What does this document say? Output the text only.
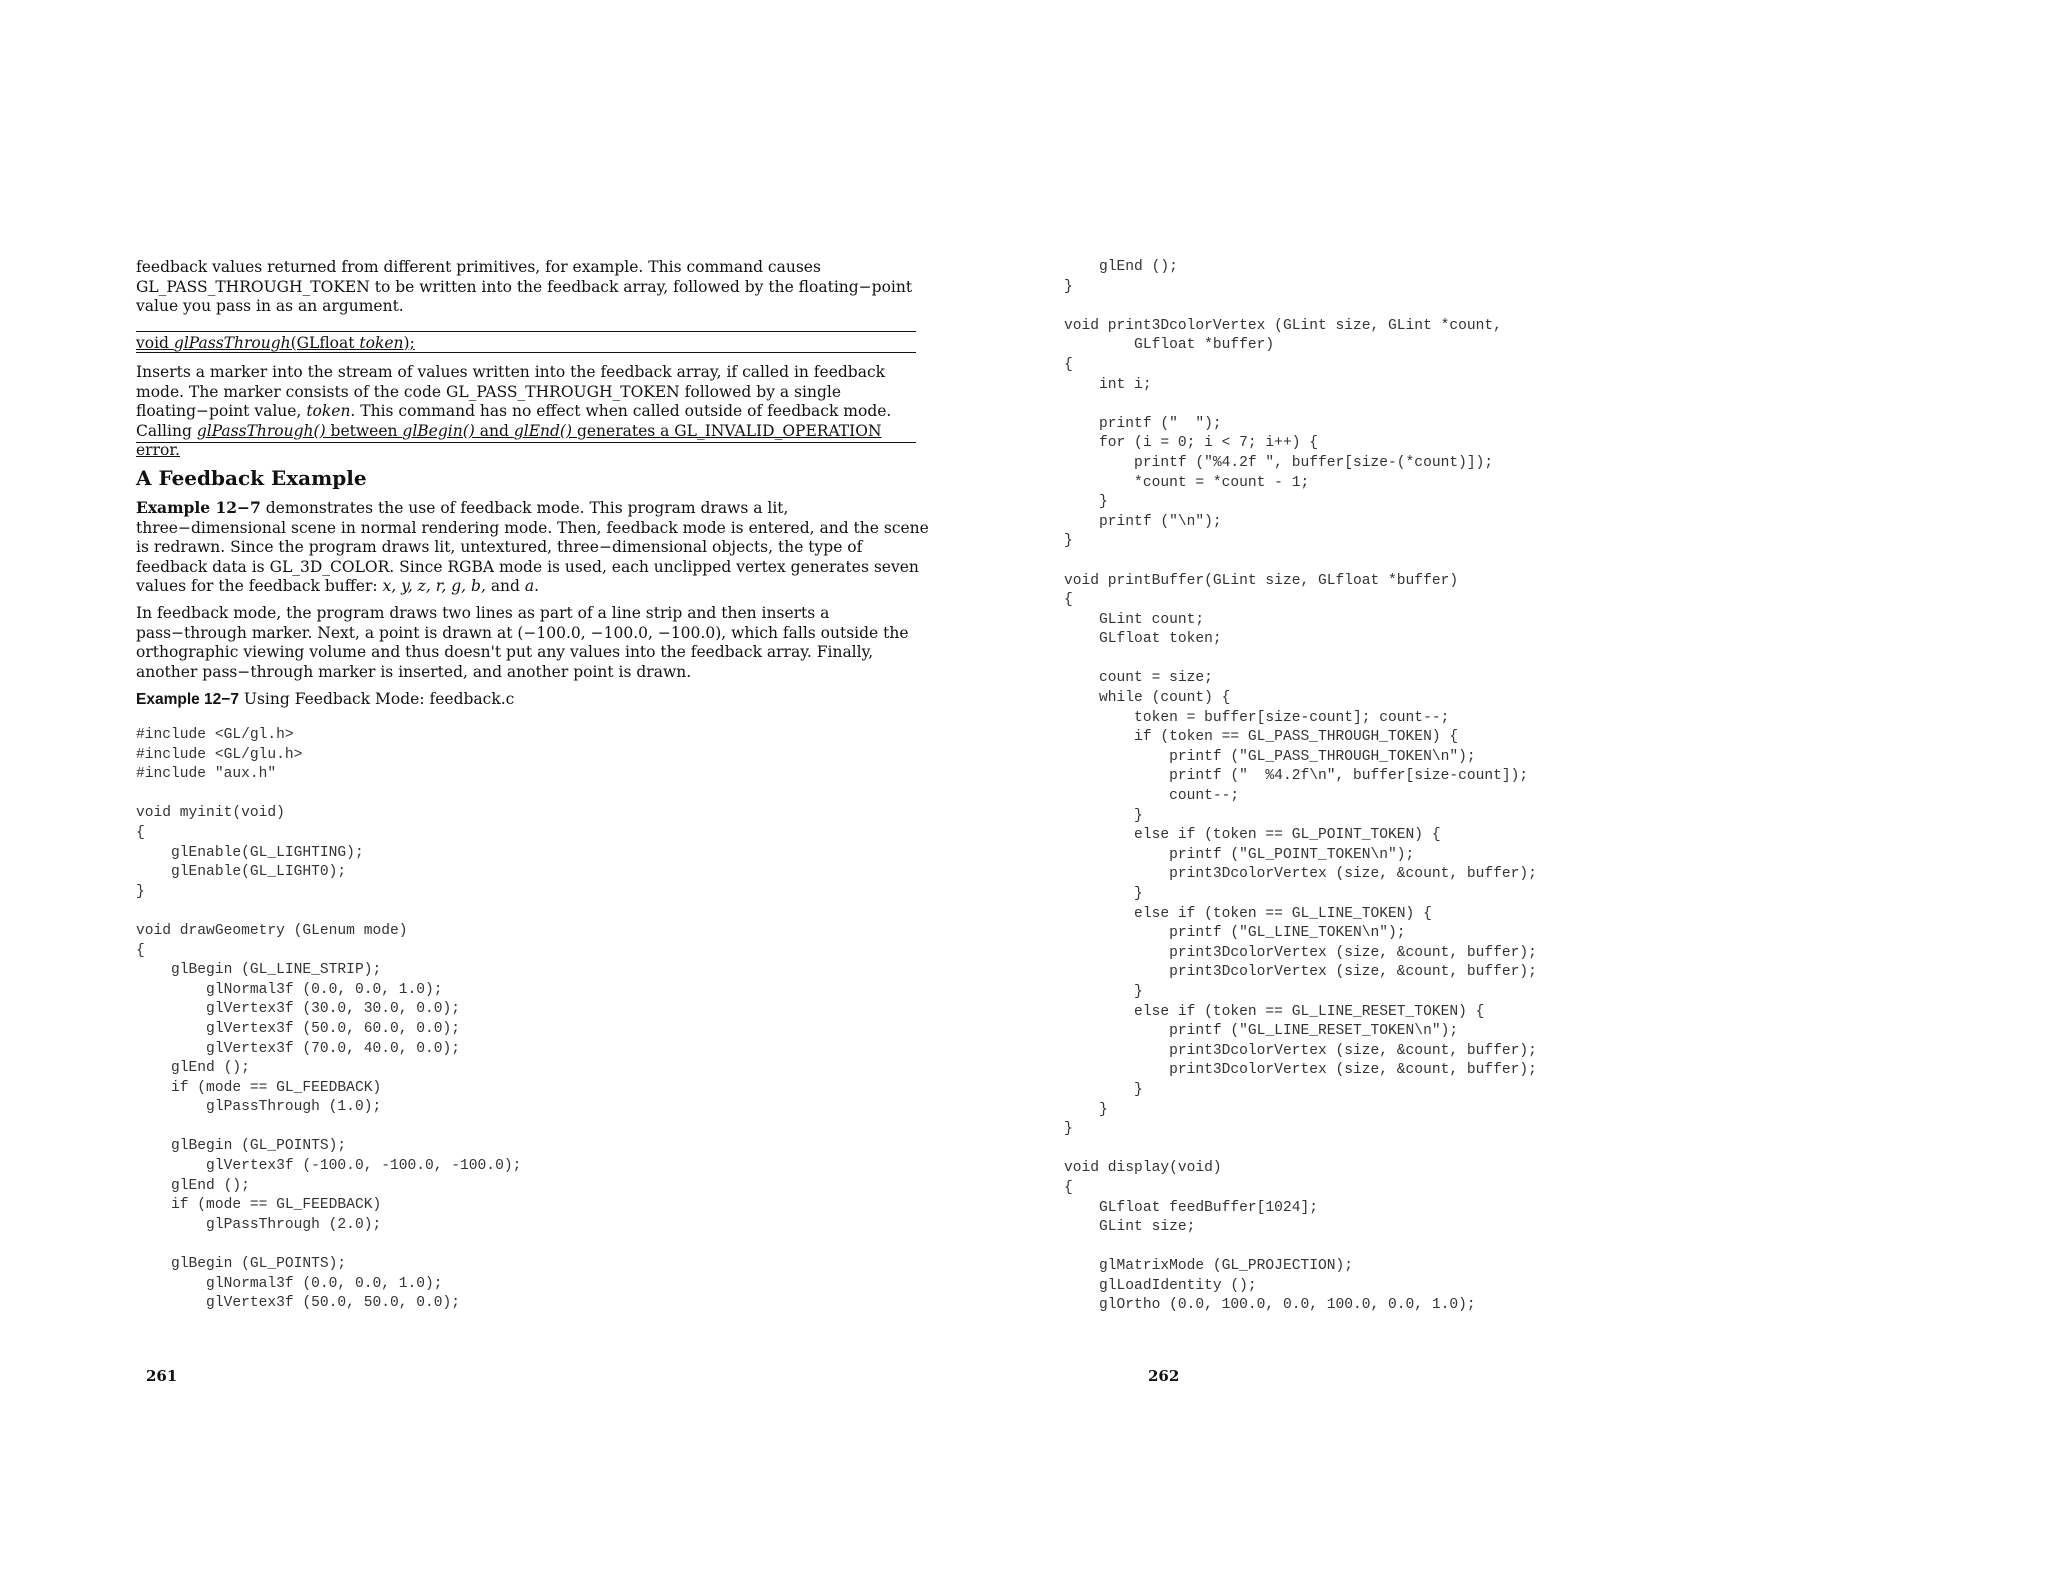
feedback values returned from different primitives, for example. This command causes GL_PASS_THROUGH_TOKEN to be written into the feedback array, followed by the floating−point value you pass in as an argument.

void glPassThrough(GLfloat token);

Inserts a marker into the stream of values written into the feedback array, if called in feedback mode. The marker consists of the code GL_PASS_THROUGH_TOKEN followed by a single floating−point value, token. This command has no effect when called outside of feedback mode. Calling glPassThrough() between glBegin() and glEnd() generates a GL_INVALID_OPERATION error.

A Feedback Example

Example 12−7 demonstrates the use of feedback mode. This program draws a lit, three−dimensional scene in normal rendering mode. Then, feedback mode is entered, and the scene is redrawn. Since the program draws lit, untextured, three−dimensional objects, the type of feedback data is GL_3D_COLOR. Since RGBA mode is used, each unclipped vertex generates seven values for the feedback buffer: x, y, z, r, g, b, and a.

In feedback mode, the program draws two lines as part of a line strip and then inserts a pass−through marker. Next, a point is drawn at (−100.0, −100.0, −100.0), which falls outside the orthographic viewing volume and thus doesn't put any values into the feedback array. Finally, another pass−through marker is inserted, and another point is drawn.

Example 12−7 Using Feedback Mode: feedback.c

#include <GL/gl.h>
#include <GL/glu.h>
#include "aux.h"

void myinit(void)
{
glEnable(GL_LIGHTING);
glEnable(GL_LIGHT0);
}

void drawGeometry (GLenum mode)
{
glBegin (GL_LINE_STRIP);
glNormal3f (0.0, 0.0, 1.0);
glVertex3f (30.0, 30.0, 0.0);
glVertex3f (50.0, 60.0, 0.0);
glVertex3f (70.0, 40.0, 0.0);
glEnd ();
if (mode == GL_FEEDBACK)
glPassThrough (1.0);

glBegin (GL_POINTS);
glVertex3f (-100.0, -100.0, -100.0);
glEnd ();
if (mode == GL_FEEDBACK)
glPassThrough (2.0);

glBegin (GL_POINTS);
glNormal3f (0.0, 0.0, 1.0);
glVertex3f (50.0, 50.0, 0.0);

261

glEnd ();
}

void print3DcolorVertex (GLint size, GLint *count,
GLfloat *buffer)
{
int i;

printf ("  ");
for (i = 0; i < 7; i++) {
printf ("%4.2f ", buffer[size-(*count)]);
*count = *count - 1;
}
printf ("\n");
}

void printBuffer(GLint size, GLfloat *buffer)
{
GLint count;
GLfloat token;

count = size;
while (count) {
token = buffer[size-count]; count--;
if (token == GL_PASS_THROUGH_TOKEN) {
printf ("GL_PASS_THROUGH_TOKEN\n");
printf ("  %4.2f\n", buffer[size-count]);
count--;
}
else if (token == GL_POINT_TOKEN) {
printf ("GL_POINT_TOKEN\n");
print3DcolorVertex (size, &count, buffer);
}
else if (token == GL_LINE_TOKEN) {
printf ("GL_LINE_TOKEN\n");
print3DcolorVertex (size, &count, buffer);
print3DcolorVertex (size, &count, buffer);
}
else if (token == GL_LINE_RESET_TOKEN) {
printf ("GL_LINE_RESET_TOKEN\n");
print3DcolorVertex (size, &count, buffer);
print3DcolorVertex (size, &count, buffer);
}
}
}

void display(void)
{
GLfloat feedBuffer[1024];
GLint size;

glMatrixMode (GL_PROJECTION);
glLoadIdentity ();
glOrtho (0.0, 100.0, 0.0, 100.0, 0.0, 1.0);

262
